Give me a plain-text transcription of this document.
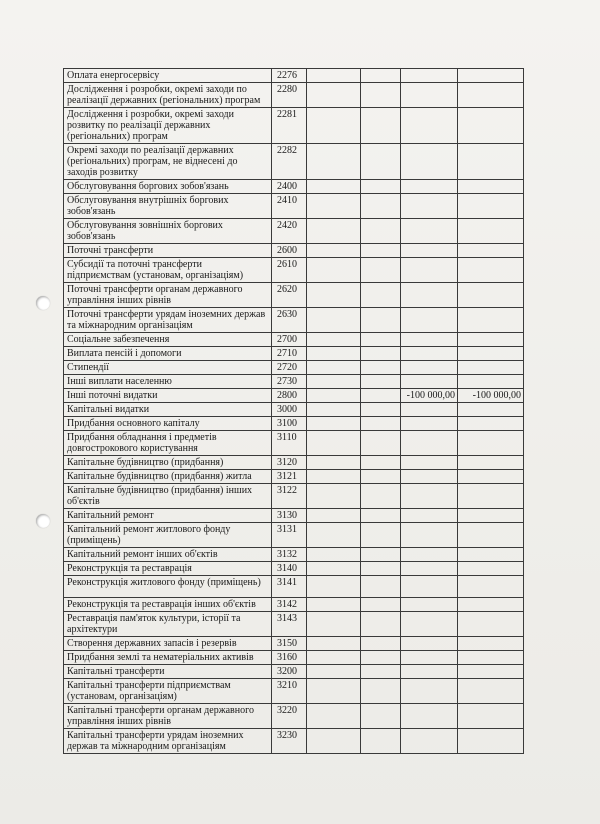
Оплата енергосервісу	2276				
Дослідження і розробки, окремі заходи по реалізації державних (регіональних) програм	2280				
Дослідження і розробки, окремі заходи розвитку по реалізації державних (регіональних) програм	2281				
Окремі заходи по реалізації державних (регіональних) програм, не віднесені до заходів розвитку	2282				
Обслуговування боргових зобов'язань	2400				
Обслуговування внутрішніх боргових зобов'язань	2410				
Обслуговування зовнішніх боргових зобов'язань	2420				
Поточні трансферти	2600				
Субсидії та поточні трансферти підприємствам (установам, організаціям)	2610				
Поточні трансферти органам державного управління інших рівнів	2620				
Поточні трансферти урядам іноземних держав та міжнародним організаціям	2630				
Соціальне забезпечення	2700				
Виплата пенсій і допомоги	2710				
Стипендії	2720				
Інші виплати населенню	2730				
Інші поточні видатки	2800			-100 000,00	-100 000,00
Капітальні видатки	3000				
Придбання основного капіталу	3100				
Придбання обладнання і предметів довгострокового користування	3110				
Капітальне будівництво (придбання)	3120				
Капітальне будівництво (придбання) житла	3121				
Капітальне будівництво (придбання) інших об'єктів	3122				
Капітальний ремонт	3130				
Капітальний ремонт житлового фонду (приміщень)	3131				
Капітальний ремонт інших об'єктів	3132				
Реконструкція та реставрація	3140				
Реконструкція житлового фонду (приміщень)	3141				
Реконструкція та реставрація інших об'єктів	3142				
Реставрація пам'яток культури, історії та архітектури	3143				
Створення державних запасів і резервів	3150				
Придбання землі та нематеріальних активів	3160				
Капітальні трансферти	3200				
Капітальні трансферти підприємствам (установам, організаціям)	3210				
Капітальні трансферти органам державного управління інших рівнів	3220				
Капітальні трансферти урядам іноземних держав та міжнародним організаціям	3230				
